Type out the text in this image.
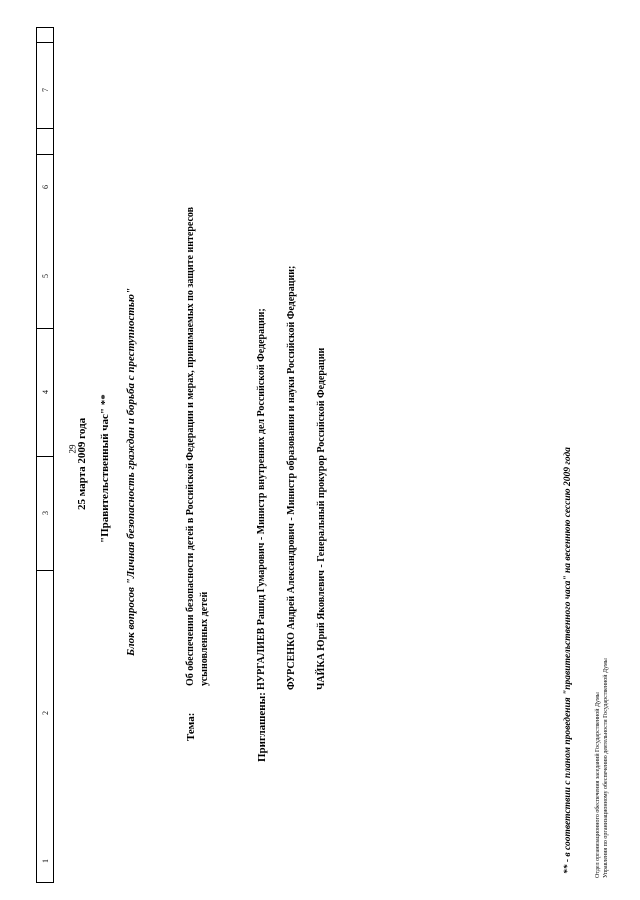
1
2
3
4
5
6
7
29
25 марта 2009 года "Правительственный час" ** Блок вопросов "Личная безопасность граждан и борьба с преступностью"
Тема:
Об обеспечении безопасности детей в Российской Федерации и мерах, принимаемых по защите интересов усыновленных детей
Приглашены:
НУРГАЛИЕВ Рашид Гумарович - Министр внутренних дел Российской Федерации; ФУРСЕНКО Андрей Александрович - Министр образования и науки Российской Федерации; ЧАЙКА Юрий Яковлевич - Генеральный прокурор Российской Федерации	** - в соответствии с планом проведения "правительственного часа" на весеннюю сессию 2009 года	Отдел организационного обеспечения заседаний Государственной Думы Управления по организационному обеспечению деятельности Государственной Думы
